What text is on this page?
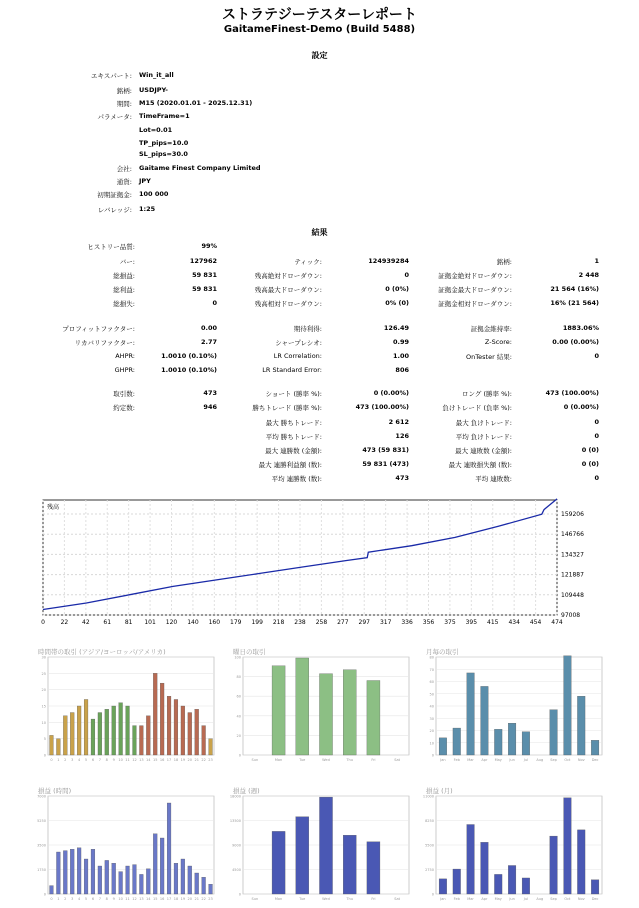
ストラテジーテスターレポート
GaitameFinest-Demo (Build 5488)
設定
エキスパート: Win_it_all
銘柄: USDJPY-
期間: M15 (2020.01.01 - 2025.12.31)
パラメータ: TimeFrame=1
Lot=0.01
TP_pips=10.0
SL_pips=30.0
会社: Gaitame Finest Company Limited
通貨: JPY
初期証拠金: 100 000
レバレッジ: 1:25
結果
ヒストリー品質:	99%
バー:	127962	ティック:	124939284	銘柄:	1
総損益:	59 831	残高絶対ドローダウン:	0	証拠金絶対ドローダウン:	2 448
総利益:	59 831	残高最大ドローダウン:	0 (0%)	証拠金最大ドローダウン:	21 564 (16%)
総損失:	0	残高相対ドローダウン:	0% (0)	証拠金相対ドローダウン:	16% (21 564)
プロフィットファクター:	0.00	期待利得:	126.49	証拠金維持率:	1883.06%
リカバリファクター:	2.77	シャープレシオ:	0.99	Z-Score:	0.00 (0.00%)
AHPR:	1.0010 (0.10%)	LR Correlation:	1.00	OnTester 結果:	0
GHPR:	1.0010 (0.10%)	LR Standard Error:	806
取引数:	473	ショート (勝率 %):	0 (0.00%)	ロング (勝率 %):	473 (100.00%)
約定数:	946	勝ちトレード (勝率 %):	473 (100.00%)	負けトレード (負率 %):	0 (0.00%)
最大 勝ちトレード:	2 612	最大 負けトレード:	0
平均 勝ちトレード:	126	平均 負けトレード:	0
最大 連勝数 (金額):	473 (59 831)	最大 連敗数 (金額):	0 (0)
最大 連勝利益額 (数):	59 831 (473)	最大 連敗損失額 (数):	0 (0)
平均 連勝数 (数):	473	平均 連敗数:	0
残高
159206
146766
134327
121887
109448
97008
0	22 42 61 81 101 120 140 160 179 199 218 238 258 277 297 317 336 356 375 395 415 434 454 474
時間帯の取引 (アジア/ヨーロッパ/アメリカ)
0
5
10
15
20
25
30
0 1 2 3 4 5 6 7 8 9 10 11 12 13 14 15 16 17 18 19 20 21 22 23
曜日の取引
0
20
40
60
80
100
Sun	Mon	Tue	Wed	Thu	Fri	Sat
月毎の取引
0
10
20
30
40
50
60
70
80
Jan Feb Mar Apr May Jun	Jul Aug Sep Oct Nov Dec
損益 (時間)
0
1750
3500
5250
7000
0 1 2 3 4 5 6 7 8 9 10 11 12 13 14 15 16 17 18 19 20 21 22 23
損益 (週)
0
4500
9000
13500
18000
Sun	Mon	Tue	Wed	Thu	Fri	Sat
損益 (月)
0
2750
5500
8250
11000
Jan Feb Mar Apr May Jun	Jul Aug Sep Oct Nov Dec
